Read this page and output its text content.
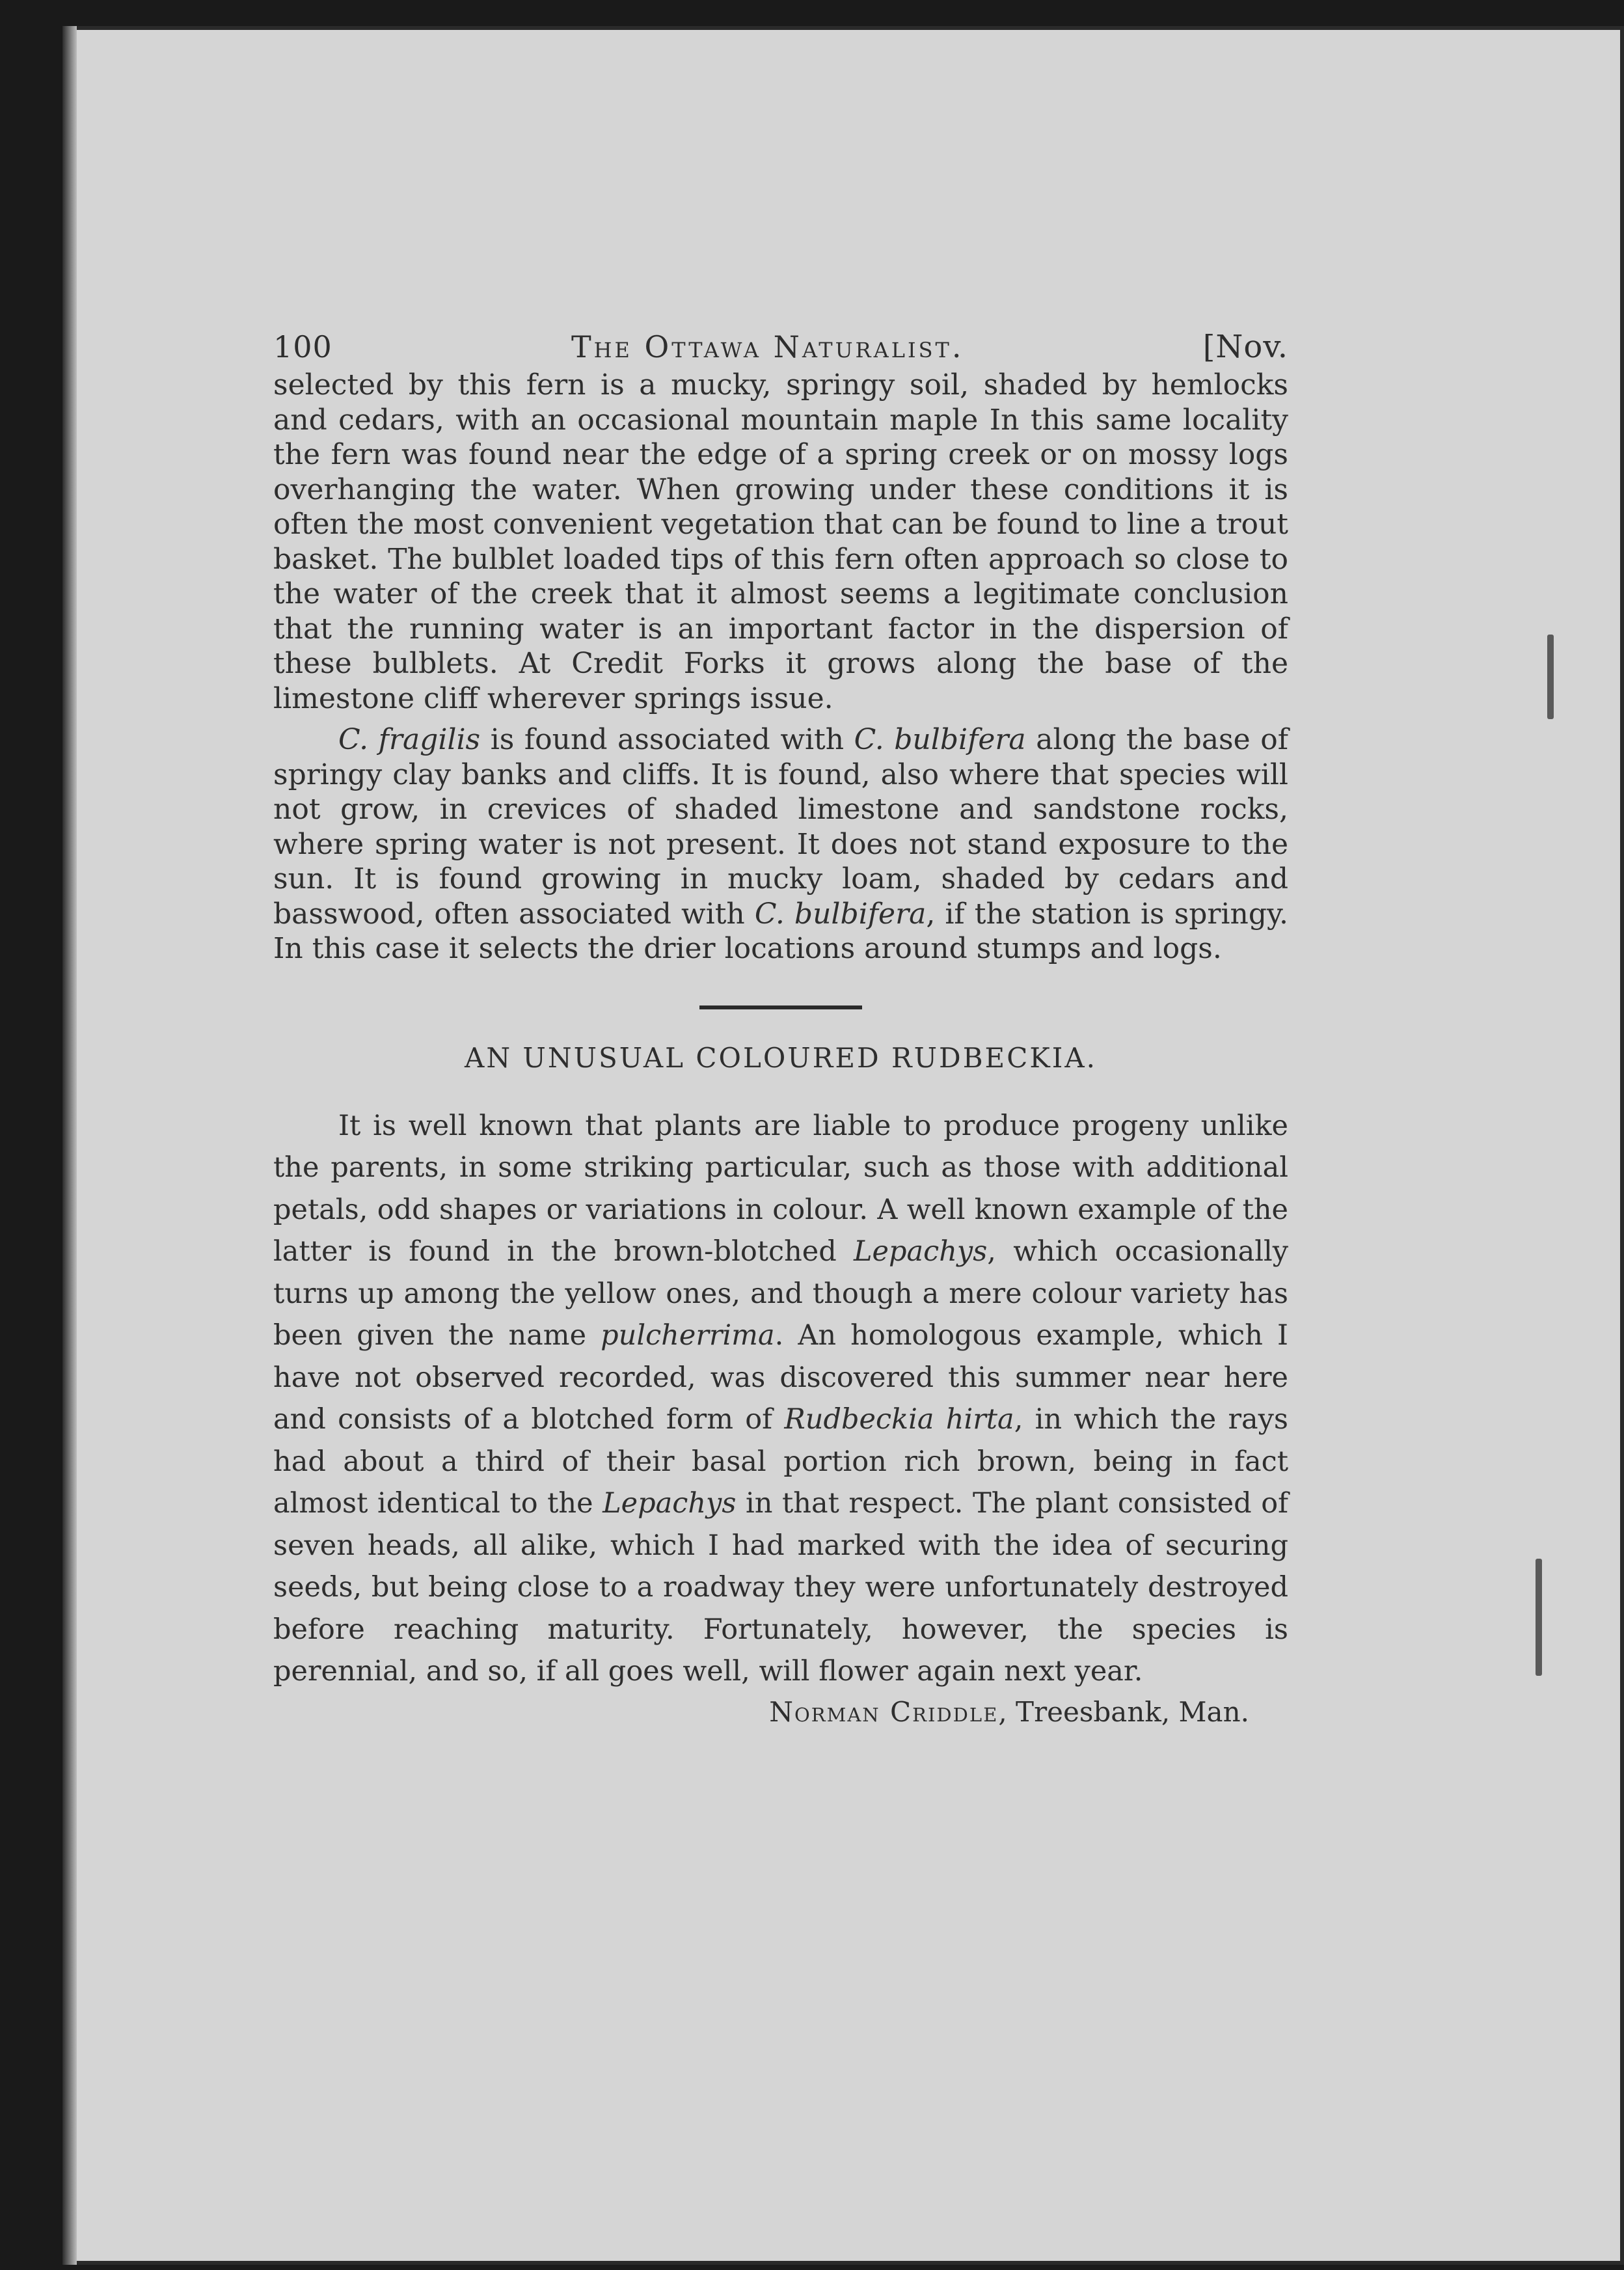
100	The Ottawa Naturalist.	[Nov.

selected by this fern is a mucky, springy soil, shaded by hemlocks and cedars, with an occasional mountain maple In this same locality the fern was found near the edge of a spring creek or on mossy logs overhanging the water. When growing under these conditions it is often the most convenient vegetation that can be found to line a trout basket. The bulblet loaded tips of this fern often approach so close to the water of the creek that it almost seems a legitimate conclusion that the running water is an important factor in the dispersion of these bulblets. At Credit Forks it grows along the base of the limestone cliff wherever springs issue.

C. fragilis is found associated with C. bulbifera along the base of springy clay banks and cliffs. It is found, also where that species will not grow, in crevices of shaded limestone and sandstone rocks, where spring water is not present. It does not stand exposure to the sun. It is found growing in mucky loam, shaded by cedars and basswood, often associated with C. bulbifera, if the station is springy. In this case it selects the drier locations around stumps and logs.

AN UNUSUAL COLOURED RUDBECKIA.

It is well known that plants are liable to produce progeny unlike the parents, in some striking particular, such as those with additional petals, odd shapes or variations in colour. A well known example of the latter is found in the brown-blotched Lepachys, which occasionally turns up among the yellow ones, and though a mere colour variety has been given the name pulcherrima. An homologous example, which I have not observed recorded, was discovered this summer near here and consists of a blotched form of Rudbeckia hirta, in which the rays had about a third of their basal portion rich brown, being in fact almost identical to the Lepachys in that respect. The plant consisted of seven heads, all alike, which I had marked with the idea of securing seeds, but being close to a roadway they were unfortunately destroyed before reaching maturity. Fortunately, however, the species is perennial, and so, if all goes well, will flower again next year.

Norman Criddle, Treesbank, Man.
